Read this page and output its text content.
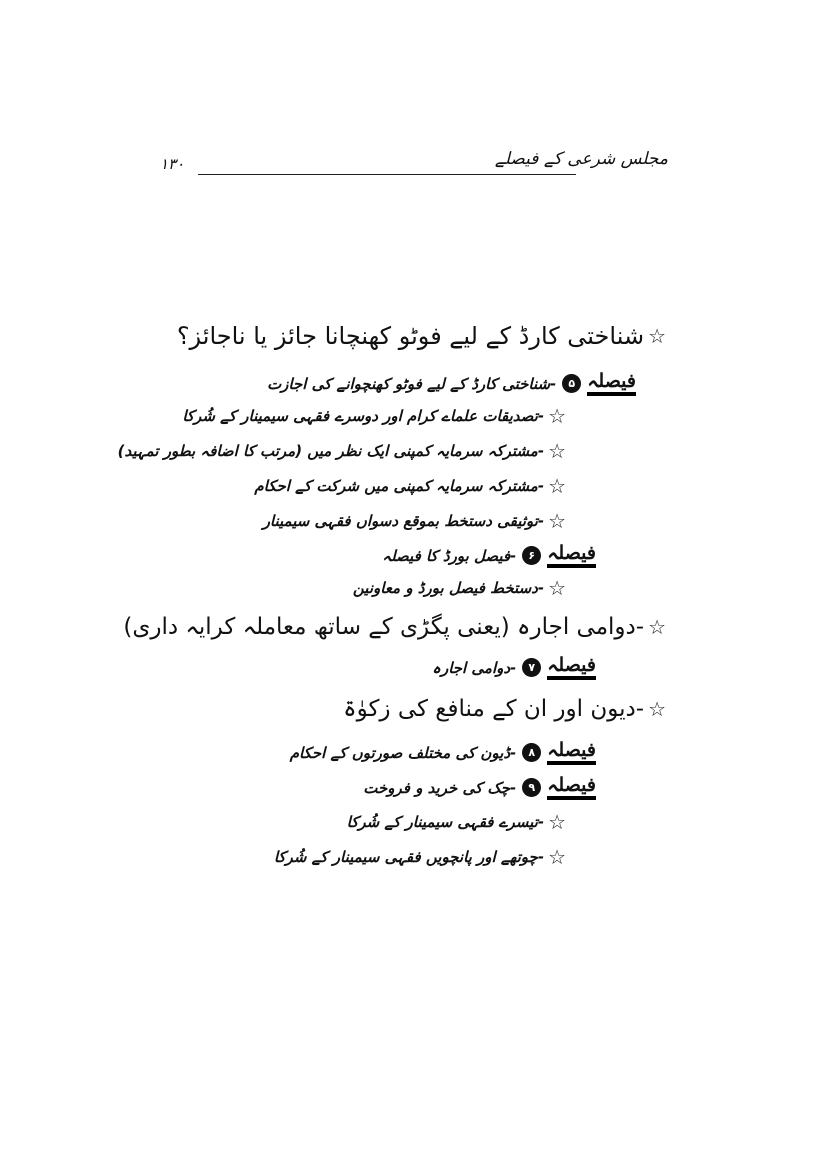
مجلس شرعی کے فیصلے
۱۳۰
☆
شناختی کارڈ کے لیے فوٹو کھنچانا جائز یا ناجائز؟
فیصلہ
۵
-شناختی کارڈ کے لیے فوٹو کھنچوانے کی اجازت
☆
-تصدیقات علماے کرام اور دوسرے فقہی سیمینار کے شُرکا
☆
-مشترکہ سرمایہ کمپنی ایک نظر میں (مرتب کا اضافہ بطور تمہید)
☆
-مشترکہ سرمایہ کمپنی میں شرکت کے احکام
☆
-توثیقی دستخط بموقع دسواں فقہی سیمینار
فیصلہ
۶
-فیصل بورڈ کا فیصلہ
☆
-دستخط فیصل بورڈ و معاونین
☆
-دوامی اجارہ (یعنی پگڑی کے ساتھ معاملہ کرایہ داری)
فیصلہ
۷
-دوامی اجارہ
☆
-دیون اور ان کے منافع کی زکوٰۃ
فیصلہ
۸
-ڈیون کی مختلف صورتوں کے احکام
فیصلہ
۹
-چک کی خرید و فروخت
☆
-تیسرے فقہی سیمینار کے شُرکا
☆
-چوتھے اور پانچویں فقہی سیمینار کے شُرکا
